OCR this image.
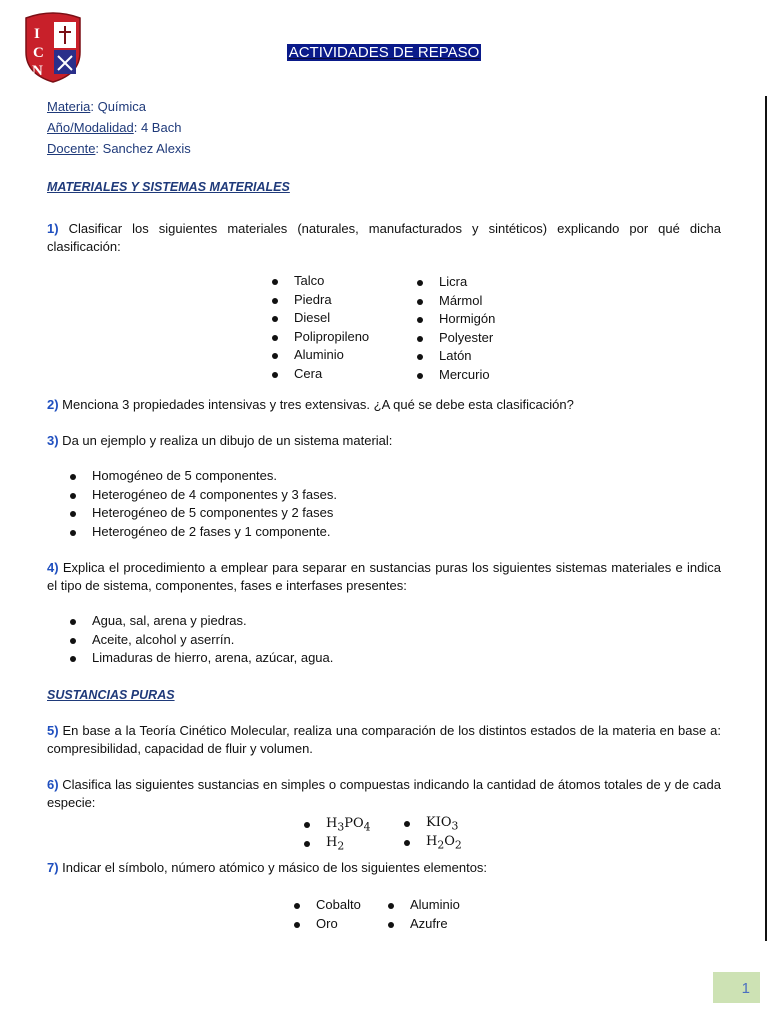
I
C
N
ACTIVIDADES DE REPASO
Materia: Química
Año/Modalidad: 4 Bach
Docente: Sanchez Alexis
MATERIALES Y SISTEMAS MATERIALES
1) Clasificar los siguientes materiales (naturales, manufacturados y sintéticos) explicando por qué dicha clasificación:
Talco
Piedra
Diesel
Polipropileno
Aluminio
Cera
Licra
Mármol
Hormigón
Polyester
Latón
Mercurio
2) Menciona 3 propiedades intensivas y tres extensivas. ¿A qué se debe esta clasificación?
3) Da un ejemplo y realiza un dibujo de un sistema material:
Homogéneo de 5 componentes.
Heterogéneo de 4 componentes y 3 fases.
Heterogéneo de 5 componentes y 2 fases
Heterogéneo de 2 fases y 1 componente.
4) Explica el procedimiento a emplear para separar en sustancias puras los siguientes sistemas materiales e indica el tipo de sistema, componentes, fases e interfases presentes:
Agua, sal, arena y piedras.
Aceite, alcohol y aserrín.
Limaduras de hierro, arena, azúcar, agua.
SUSTANCIAS PURAS
5) En base a la Teoría Cinético Molecular, realiza una comparación de los distintos estados de la materia en base a: compresibilidad, capacidad de fluir y volumen.
6) Clasifica las siguientes sustancias en simples o compuestas indicando la cantidad de átomos totales de y de cada especie:
$H_3PO_4$
$H_2$
$KIO_3$
$H_2O_2$
7) Indicar el símbolo, número atómico y másico de los siguientes elementos:
Cobalto
Oro
Aluminio
Azufre
1
